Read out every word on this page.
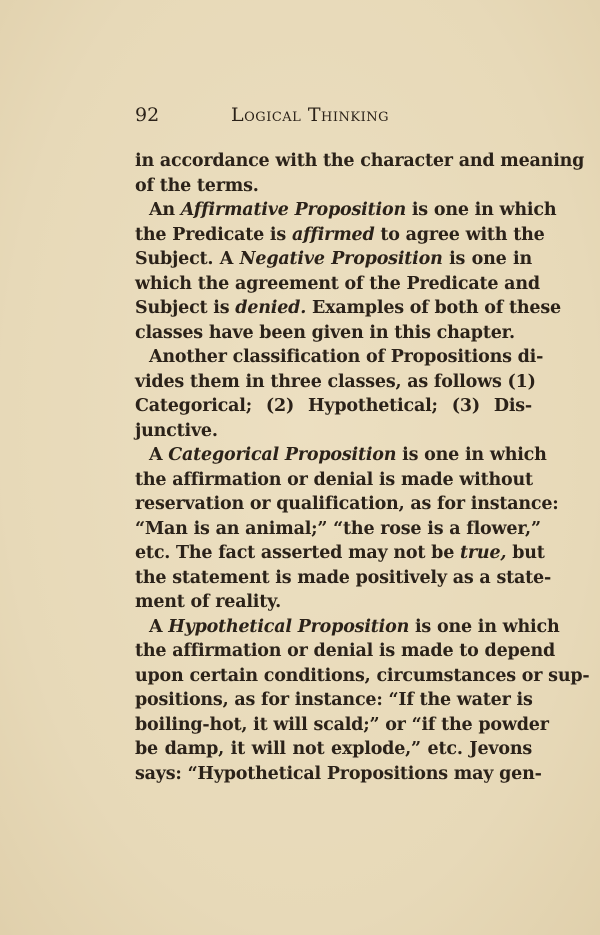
92	Logical Thinking
in accordance with the character and meaning
of the terms.
An Affirmative Proposition is one in which
the Predicate is affirmed to agree with the
Subject. A Negative Proposition is one in
which the agreement of the Predicate and
Subject is denied. Examples of both of these
classes have been given in this chapter.
Another classification of Propositions di-
vides them in three classes, as follows (1)
Categorical; (2) Hypothetical; (3) Dis-
junctive.
A Categorical Proposition is one in which
the affirmation or denial is made without
reservation or qualification, as for instance:
“Man is an animal;” “the rose is a flower,”
etc. The fact asserted may not be true, but
the statement is made positively as a state-
ment of reality.
A Hypothetical Proposition is one in which
the affirmation or denial is made to depend
upon certain conditions, circumstances or sup-
positions, as for instance: “If the water is
boiling-hot, it will scald;” or “if the powder
be damp, it will not explode,” etc. Jevons
says: “Hypothetical Propositions may gen-
